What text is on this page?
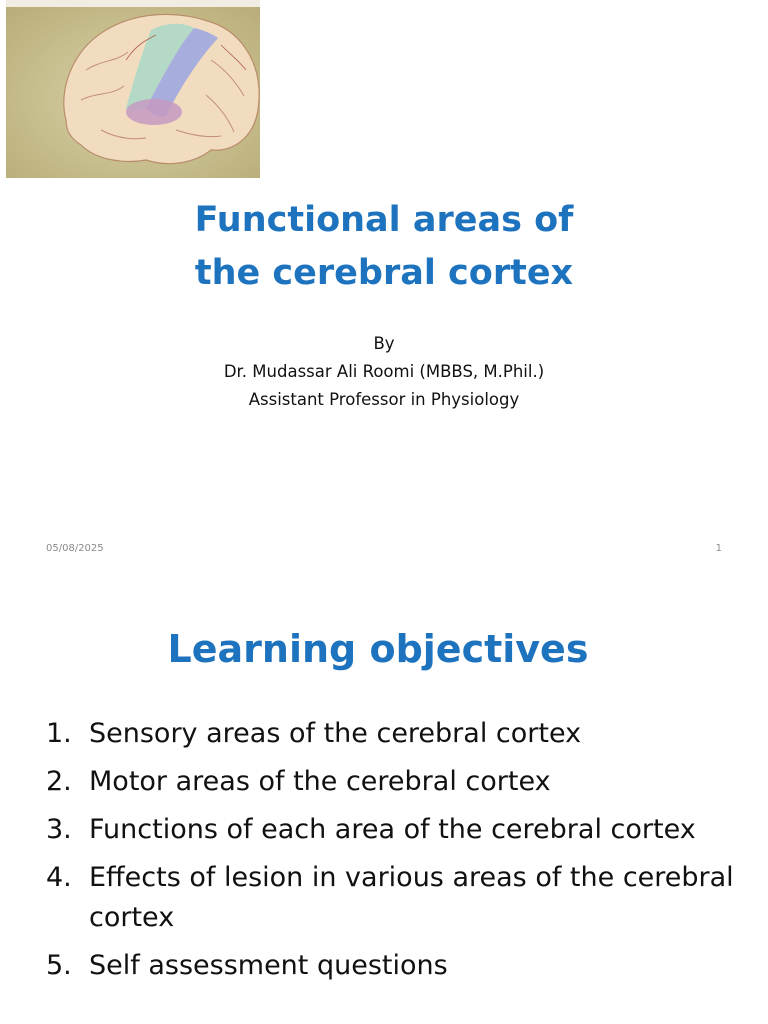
Functional areas of
the cerebral cortex
By
Dr. Mudassar Ali Roomi (MBBS, M.Phil.)
Assistant Professor in Physiology
05/08/2025	1
Learning objectives
1. Sensory areas of the cerebral cortex
2. Motor areas of the cerebral cortex
3. Functions of each area of the cerebral cortex
4. Effects of lesion in various areas of the cerebral cortex
5. Self assessment questions
